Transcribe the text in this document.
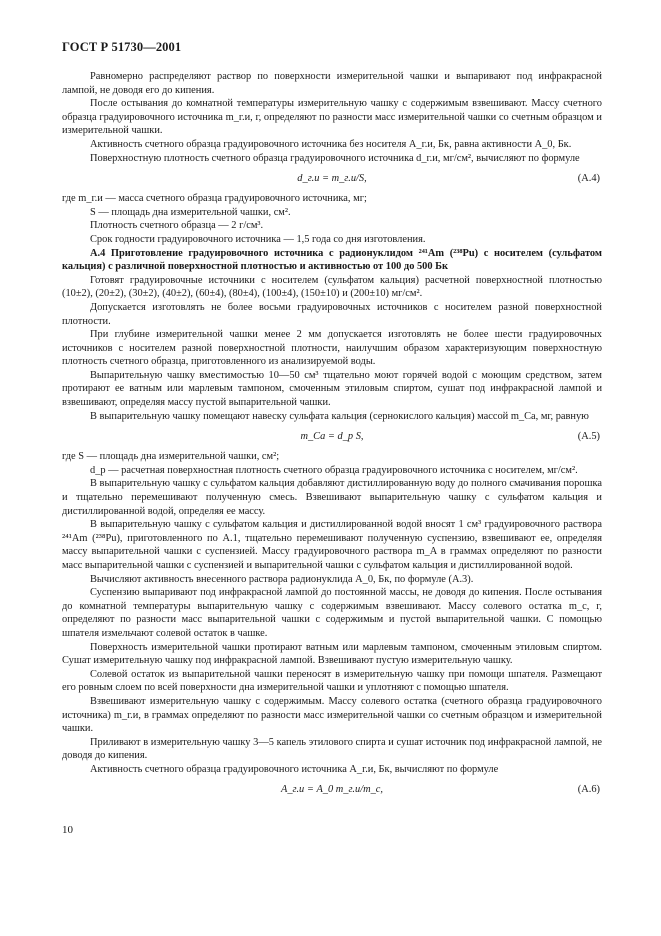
ГОСТ Р 51730—2001

Равномерно распределяют раствор по поверхности измерительной чашки и выпаривают под инфракрасной лампой, не доводя его до кипения.

После остывания до комнатной температуры измерительную чашку с содержимым взвешивают. Массу счетного образца градуировочного источника m_г.и, г, определяют по разности масс измерительной чашки со счетным образцом и измерительной чашки.

Активность счетного образца градуировочного источника без носителя A_г.и, Бк, равна активности A_0, Бк.

Поверхностную плотность счетного образца градуировочного источника d_г.и, мг/см², вычисляют по формуле

d_г.и = m_г.и/S,	(А.4)

где m_г.и — масса счетного образца градуировочного источника, мг;

S — площадь дна измерительной чашки, см².

Плотность счетного образца — 2 г/см³.

Срок годности градуировочного источника — 1,5 года со дня изготовления.

А.4 Приготовление градуировочного источника с радионуклидом ²⁴¹Am (²³⁸Pu) с носителем (сульфатом кальция) с различной поверхностной плотностью и активностью от 100 до 500 Бк

Готовят градуировочные источники с носителем (сульфатом кальция) расчетной поверхностной плотностью (10±2), (20±2), (30±2), (40±2), (60±4), (80±4), (100±4), (150±10) и (200±10) мг/см².

Допускается изготовлять не более восьми градуировочных источников с носителем разной поверхностной плотности.

При глубине измерительной чашки менее 2 мм допускается изготовлять не более шести градуировочных источников с носителем разной поверхностной плотности, наилучшим образом характеризующим поверхностную плотность счетного образца, приготовленного из анализируемой воды.

Выпарительную чашку вместимостью 10—50 см³ тщательно моют горячей водой с моющим средством, затем протирают ее ватным или марлевым тампоном, смоченным этиловым спиртом, сушат под инфракрасной лампой и взвешивают, определяя массу пустой выпарительной чашки.

В выпарительную чашку помещают навеску сульфата кальция (сернокислого кальция) массой m_Ca, мг, равную

m_Ca = d_p S,	(А.5)

где S — площадь дна измерительной чашки, см²;

d_p — расчетная поверхностная плотность счетного образца градуировочного источника с носителем, мг/см².

В выпарительную чашку с сульфатом кальция добавляют дистиллированную воду до полного смачивания порошка и тщательно перемешивают полученную смесь. Взвешивают выпарительную чашку с сульфатом кальция и дистиллированной водой, определяя ее массу.

В выпарительную чашку с сульфатом кальция и дистиллированной водой вносят 1 см³ градуировочного раствора ²⁴¹Am (²³⁸Pu), приготовленного по А.1, тщательно перемешивают полученную суспензию, взвешивают ее, определяя массу выпарительной чашки с суспензией. Массу градуировочного раствора m_A в граммах определяют по разности масс выпарительной чашки с суспензией и выпарительной чашки с сульфатом кальция и дистиллированной водой.

Вычисляют активность внесенного раствора радионуклида A_0, Бк, по формуле (А.3).

Суспензию выпаривают под инфракрасной лампой до постоянной массы, не доводя до кипения. После остывания до комнатной температуры выпарительную чашку с содержимым взвешивают. Массу солевого остатка m_c, г, определяют по разности масс выпарительной чашки с содержимым и пустой выпарительной чашки. С помощью шпателя измельчают солевой остаток в чашке.

Поверхность измерительной чашки протирают ватным или марлевым тампоном, смоченным этиловым спиртом. Сушат измерительную чашку под инфракрасной лампой. Взвешивают пустую измерительную чашку.

Солевой остаток из выпарительной чашки переносят в измерительную чашку при помощи шпателя. Размещают его ровным слоем по всей поверхности дна измерительной чашки и уплотняют с помощью шпателя.

Взвешивают измерительную чашку с содержимым. Массу солевого остатка (счетного образца градуировочного источника) m_г.и, в граммах определяют по разности масс измерительной чашки со счетным образцом и измерительной чашки.

Приливают в измерительную чашку 3—5 капель этилового спирта и сушат источник под инфракрасной лампой, не доводя до кипения.

Активность счетного образца градуировочного источника A_г.и, Бк, вычисляют по формуле

A_г.и = A_0 m_г.и/m_c,	(А.6)
10
